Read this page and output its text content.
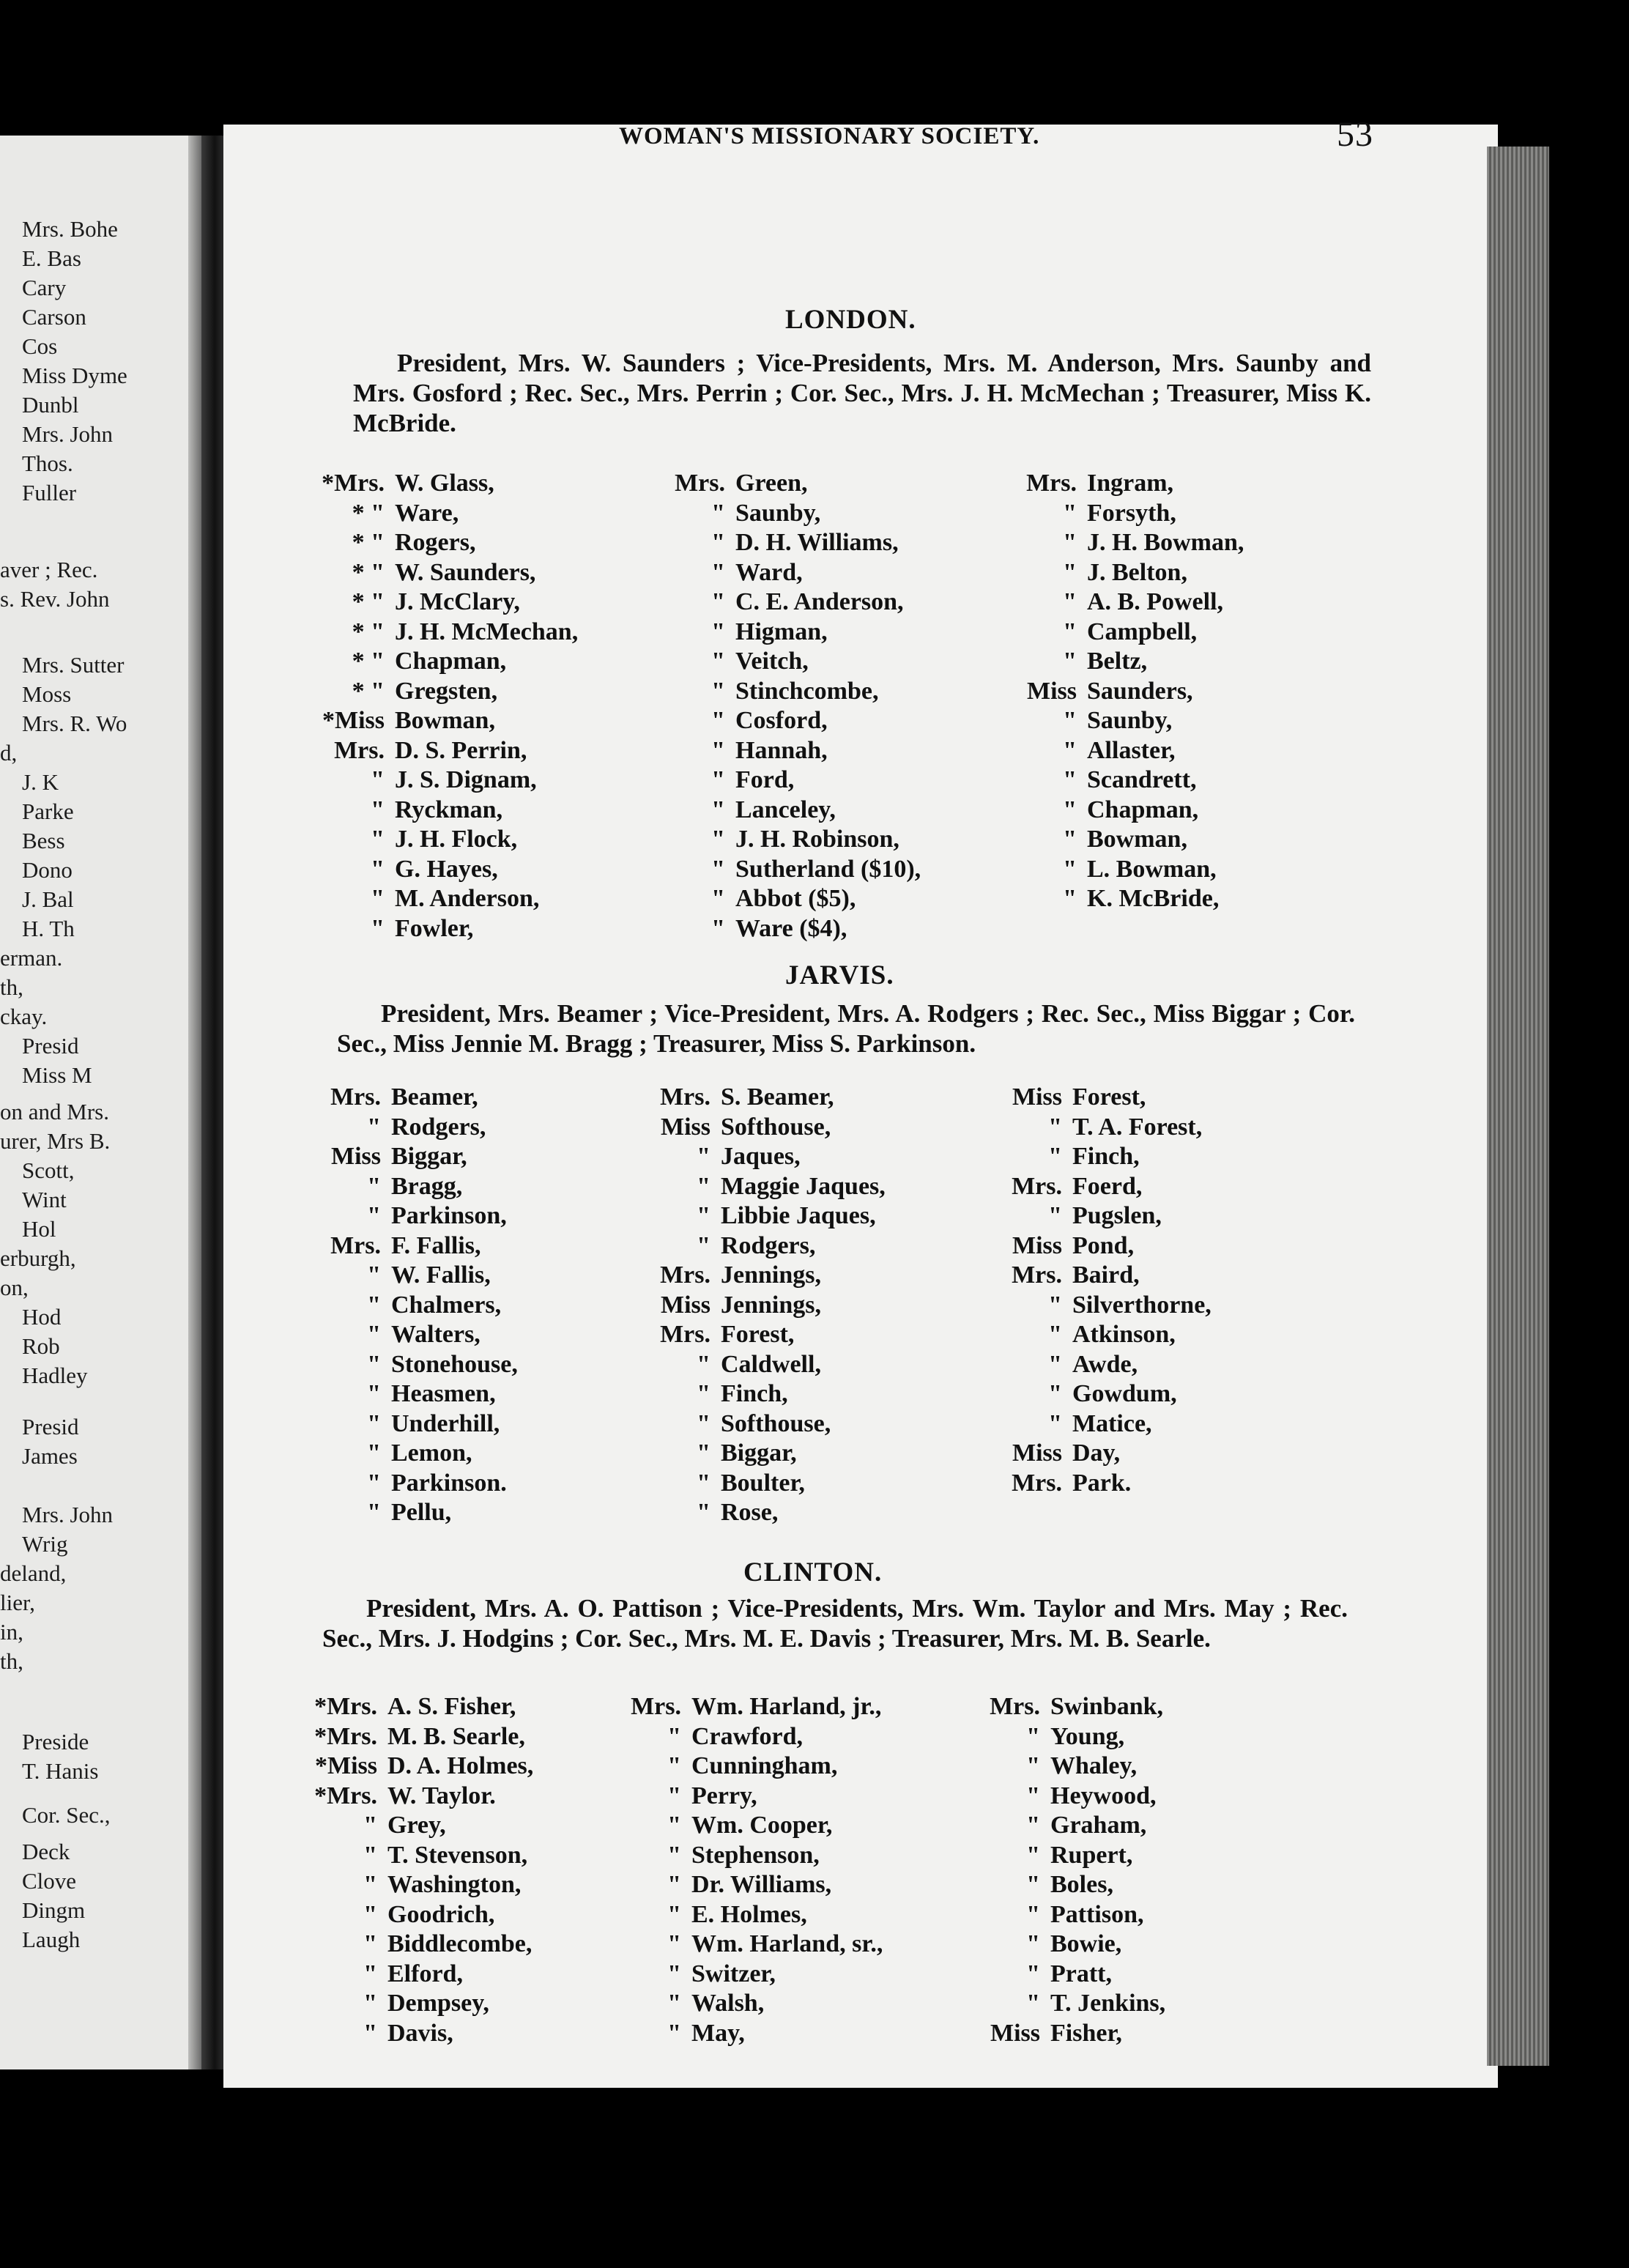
Mrs. Bohe
E. Bas
Cary
Carson
Cos
Miss Dyme
Dunbl
Mrs. John
Thos.
Fuller
aver ; Rec.
s. Rev. John
Mrs. Sutter
Moss
Mrs. R. Wo
d,
J. K
Parke
Bess
Dono
J. Bal
H. Th
erman.
th,
ckay.
Presid
Miss M
on and Mrs.
urer, Mrs B.
Scott,
Wint
Hol
erburgh,
on,
Hod
Rob
Hadley
Presid
James
Mrs. John
Wrig
deland,
lier,
in,
th,
Preside
T. Hanis
Cor. Sec.,
Deck
Clove
Dingm
Laugh
WOMAN'S MISSIONARY SOCIETY.	53
LONDON.
President, Mrs. W. Saunders ; Vice-Presidents, Mrs. M. Anderson, Mrs. Saunby and Mrs. Gosford ; Rec. Sec., Mrs. Perrin ; Cor. Sec., Mrs. J. H. McMechan ; Treasurer, Miss K. McBride.
*Mrs. W. Glass,
* " Ware,
* " Rogers,
* " W. Saunders,
* " J. McClary,
* " J. H. McMechan,
* " Chapman,
* " Gregsten,
*Miss Bowman,
Mrs. D. S. Perrin,
" J. S. Dignam,
" Ryckman,
" J. H. Flock,
" G. Hayes,
" M. Anderson,
" Fowler,
Mrs. Green,
" Saunby,
" D. H. Williams,
" Ward,
" C. E. Anderson,
" Higman,
" Veitch,
" Stinchcombe,
" Cosford,
" Hannah,
" Ford,
" Lanceley,
" J. H. Robinson,
" Sutherland ($10),
" Abbot ($5),
" Ware ($4),
Mrs. Ingram,
" Forsyth,
" J. H. Bowman,
" J. Belton,
" A. B. Powell,
" Campbell,
" Beltz,
Miss Saunders,
" Saunby,
" Allaster,
" Scandrett,
" Chapman,
" Bowman,
" L. Bowman,
" K. McBride,
JARVIS.
President, Mrs. Beamer ; Vice-President, Mrs. A. Rodgers ; Rec. Sec., Miss Biggar ; Cor. Sec., Miss Jennie M. Bragg ; Treasurer, Miss S. Parkinson.
Mrs. Beamer,
" Rodgers,
Miss Biggar,
" Bragg,
" Parkinson,
Mrs. F. Fallis,
" W. Fallis,
" Chalmers,
" Walters,
" Stonehouse,
" Heasmen,
" Underhill,
" Lemon,
" Parkinson.
" Pellu,
Mrs. S. Beamer,
Miss Softhouse,
" Jaques,
" Maggie Jaques,
" Libbie Jaques,
" Rodgers,
Mrs. Jennings,
Miss Jennings,
Mrs. Forest,
" Caldwell,
" Finch,
" Softhouse,
" Biggar,
" Boulter,
" Rose,
Miss Forest,
" T. A. Forest,
" Finch,
Mrs. Foerd,
" Pugslen,
Miss Pond,
Mrs. Baird,
" Silverthorne,
" Atkinson,
" Awde,
" Gowdum,
" Matice,
Miss Day,
Mrs. Park.
CLINTON.
President, Mrs. A. O. Pattison ; Vice-Presidents, Mrs. Wm. Taylor and Mrs. May ; Rec. Sec., Mrs. J. Hodgins ; Cor. Sec., Mrs. M. E. Davis ; Treasurer, Mrs. M. B. Searle.
*Mrs. A. S. Fisher,
*Mrs. M. B. Searle,
*Miss D. A. Holmes,
*Mrs. W. Taylor.
" Grey,
" T. Stevenson,
" Washington,
" Goodrich,
" Biddlecombe,
" Elford,
" Dempsey,
" Davis,
Mrs. Wm. Harland, jr.,
" Crawford,
" Cunningham,
" Perry,
" Wm. Cooper,
" Stephenson,
" Dr. Williams,
" E. Holmes,
" Wm. Harland, sr.,
" Switzer,
" Walsh,
" May,
Mrs. Swinbank,
" Young,
" Whaley,
" Heywood,
" Graham,
" Rupert,
" Boles,
" Pattison,
" Bowie,
" Pratt,
" T. Jenkins,
Miss Fisher,
